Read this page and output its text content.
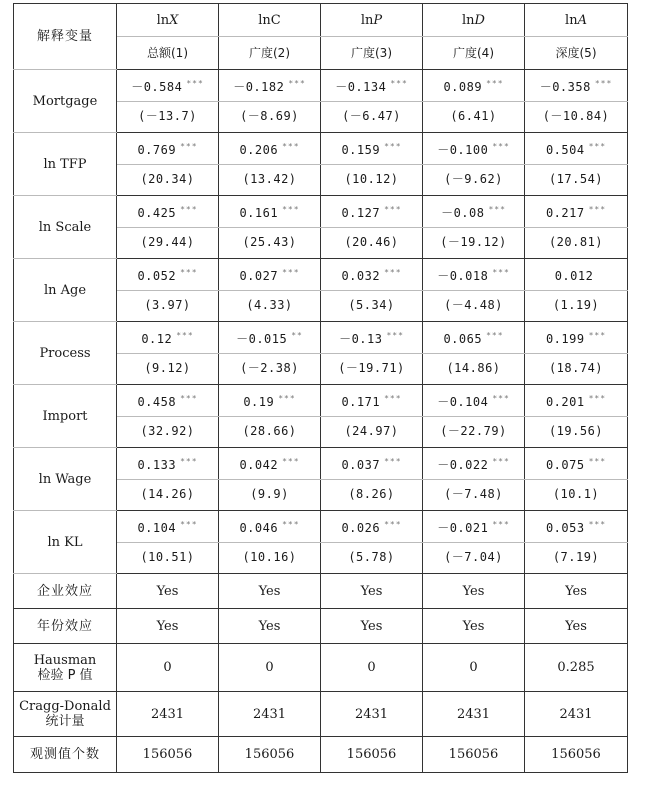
解释变量	lnX	lnC	lnP	lnD	lnA
	总额(1)	广度(2)	广度(3)	广度(4)	深度(5)
Mortgage	－0.584 ***	－0.182 ***	－0.134 ***	0.089 ***	－0.358 ***
	(－13.7)	(－8.69)	(－6.47)	(6.41)	(－10.84)
ln TFP	0.769 ***	0.206 ***	0.159 ***	－0.100 ***	0.504 ***
	(20.34)	(13.42)	(10.12)	(－9.62)	(17.54)
ln Scale	0.425 ***	0.161 ***	0.127 ***	－0.08 ***	0.217 ***
	(29.44)	(25.43)	(20.46)	(－19.12)	(20.81)
ln Age	0.052 ***	0.027 ***	0.032 ***	－0.018 ***	0.012
	(3.97)	(4.33)	(5.34)	(－4.48)	(1.19)
Process	0.12 ***	－0.015 **	－0.13 ***	0.065 ***	0.199 ***
	(9.12)	(－2.38)	(－19.71)	(14.86)	(18.74)
Import	0.458 ***	0.19 ***	0.171 ***	－0.104 ***	0.201 ***
	(32.92)	(28.66)	(24.97)	(－22.79)	(19.56)
ln Wage	0.133 ***	0.042 ***	0.037 ***	－0.022 ***	0.075 ***
	(14.26)	(9.9)	(8.26)	(－7.48)	(10.1)
ln KL	0.104 ***	0.046 ***	0.026 ***	－0.021 ***	0.053 ***
	(10.51)	(10.16)	(5.78)	(－7.04)	(7.19)
企业效应	Yes	Yes	Yes	Yes	Yes
年份效应	Yes	Yes	Yes	Yes	Yes

Hausman
检验 P 值	0	0	0	0	0.285

Cragg-Donald
统计量	2431	2431	2431	2431	2431
观测值个数	156056	156056	156056	156056	156056
